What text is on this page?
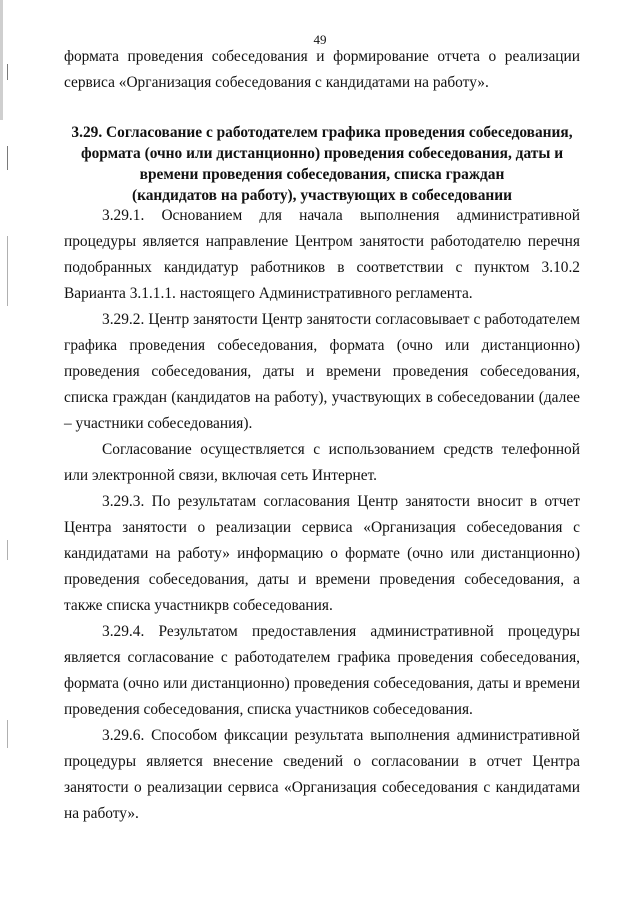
49

формата проведения собеседования и формирование отчета о реализации сервиса «Организация собеседования с кандидатами на работу».

3.29. Согласование с работодателем графика проведения собеседования,
формата (очно или дистанционно) проведения собеседования, даты и
времени проведения собеседования, списка граждан
(кандидатов на работу), участвующих в собеседовании

3.29.1. Основанием для начала выполнения административной процедуры является направление Центром занятости работодателю перечня подобранных кандидатур работников в соответствии с пунктом 3.10.2 Варианта 3.1.1.1. настоящего Административного регламента.

3.29.2. Центр занятости Центр занятости согласовывает с работодателем графика проведения собеседования, формата (очно или дистанционно) проведения собеседования, даты и времени проведения собеседования, списка граждан (кандидатов на работу), участвующих в собеседовании (далее – участники собеседования).

Согласование осуществляется с использованием средств телефонной или электронной связи, включая сеть Интернет.

3.29.3. По результатам согласования Центр занятости вносит в отчет Центра занятости о реализации сервиса «Организация собеседования с кандидатами на работу» информацию о формате (очно или дистанционно) проведения собеседования, даты и времени проведения собеседования, а также списка участникрв собеседования.

3.29.4. Результатом предоставления административной процедуры является согласование с работодателем графика проведения собеседования, формата (очно или дистанционно) проведения собеседования, даты и времени проведения собеседования, списка участников собеседования.

3.29.6. Способом фиксации результата выполнения административной процедуры является внесение сведений о согласовании в отчет Центра занятости о реализации сервиса «Организация собеседования с кандидатами на работу».
